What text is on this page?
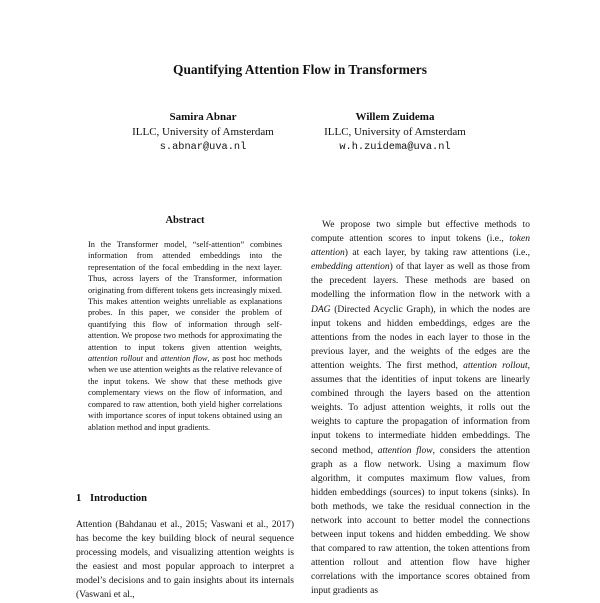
Quantifying Attention Flow in Transformers
Samira Abnar
ILLC, University of Amsterdam
s.abnar@uva.nl
Willem Zuidema
ILLC, University of Amsterdam
w.h.zuidema@uva.nl
Abstract

In the Transformer model, “self-attention” combines information from attended embeddings into the representation of the focal embedding in the next layer. Thus, across layers of the Transformer, information originating from different tokens gets increasingly mixed. This makes attention weights unreliable as explanations probes. In this paper, we consider the problem of quantifying this flow of information through self-attention. We propose two methods for approximating the attention to input tokens given attention weights, attention rollout and attention flow, as post hoc methods when we use attention weights as the relative relevance of the input tokens. We show that these methods give complementary views on the flow of information, and compared to raw attention, both yield higher correlations with importance scores of input tokens obtained using an ablation method and input gradients.

1 Introduction

Attention (Bahdanau et al., 2015; Vaswani et al., 2017) has become the key building block of neural sequence processing models, and visualizing attention weights is the easiest and most popular approach to interpret a model’s decisions and to gain insights about its internals (Vaswani et al.,

We propose two simple but effective methods to compute attention scores to input tokens (i.e., token attention) at each layer, by taking raw attentions (i.e., embedding attention) of that layer as well as those from the precedent layers. These methods are based on modelling the information flow in the network with a DAG (Directed Acyclic Graph), in which the nodes are input tokens and hidden embeddings, edges are the attentions from the nodes in each layer to those in the previous layer, and the weights of the edges are the attention weights. The first method, attention rollout, assumes that the identities of input tokens are linearly combined through the layers based on the attention weights. To adjust attention weights, it rolls out the weights to capture the propagation of information from input tokens to intermediate hidden embeddings. The second method, attention flow, considers the attention graph as a flow network. Using a maximum flow algorithm, it computes maximum flow values, from hidden embeddings (sources) to input tokens (sinks). In both methods, we take the residual connection in the network into account to better model the connections between input tokens and hidden embedding. We show that compared to raw attention, the token attentions from attention rollout and attention flow have higher correlations with the importance scores obtained from input gradients as
